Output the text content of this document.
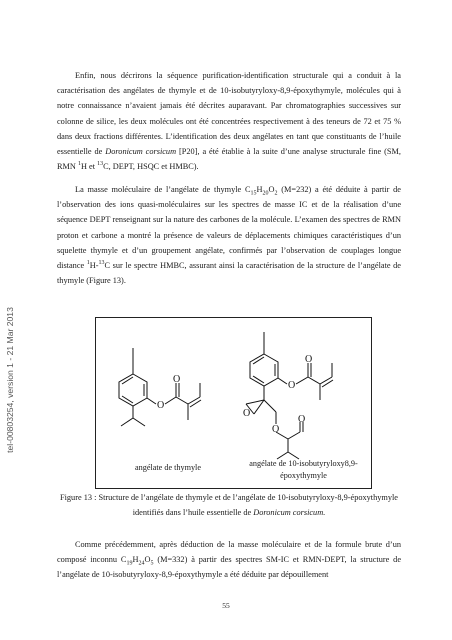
tel-00803254, version 1 - 21 Mar 2013
Enfin, nous décrirons la séquence purification-identification structurale qui a conduit à la caractérisation des angélates de thymyle et de 10-isobutyryloxy-8,9-époxythymyle, molécules qui à notre connaissance n’avaient jamais été décrites auparavant. Par chromatographies successives sur colonne de silice, les deux molécules ont été concentrées respectivement à des teneurs de 72 et 75 % dans deux fractions différentes. L’identification des deux angélates en tant que constituants de l’huile essentielle de Doronicum corsicum [P20], a été établie à la suite d’une analyse structurale fine (SM, RMN $^1$H et $^{13}$C, DEPT, HSQC et HMBC).
La masse moléculaire de l’angélate de thymyle $C_{15}H_{20}O_2$ (M=232) a été déduite à partir de l’observation des ions quasi-moléculaires sur les spectres de masse IC et de la réalisation d’une séquence DEPT renseignant sur la nature des carbones de la molécule. L’examen des spectres de RMN proton et carbone a montré la présence de valeurs de déplacements chimiques caractéristiques d’un squelette thymyle et d’un groupement angélate, confirmés par l’observation de couplages longue distance $^1$H-$^{13}$C sur le spectre HMBC, assurant ainsi la caractérisation de la structure de l’angélate de thymyle (Figure 13).
O
O
O
O
O
O
O
angélate de thymyle	angélate de 10-isobutyryloxy8,9-époxythymyle
Figure 13 : Structure de l’angélate de thymyle et de l’angélate de 10-isobutyryloxy-8,9-époxythymyle identifiés dans l’huile essentielle de Doronicum corsicum.
Comme précédemment, après déduction de la masse moléculaire et de la formule brute d’un composé inconnu $C_{19}H_{24}O_5$ (M=332) à partir des spectres SM-IC et RMN-DEPT, la structure de l’angélate de 10-isobutyryloxy-8,9-époxythymyle a été déduite par dépouillement
55
